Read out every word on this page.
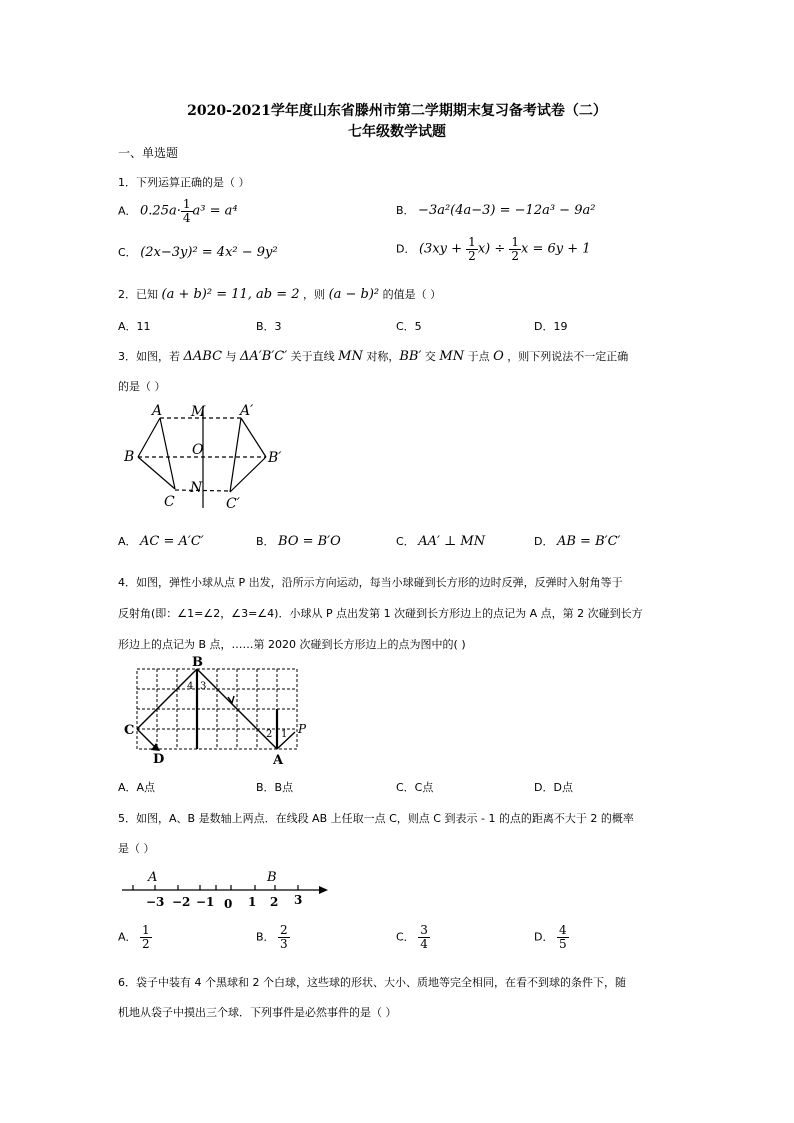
2020-2021学年度山东省滕州市第二学期期末复习备考试卷（二）
七年级数学试题
一、单选题
1．下列运算正确的是（ ）
A． $0.25a\cdot \frac{1}{4} a^3 = a^4$	B． −3a²(4a−3) = −12a³ − 9a²
C． (2x−3y)² = 4x² − 9y²	D． $(3xy + \frac{1}{2} x) \div \frac{1}{2}$ x = 6y + 1
2．已知 (a + b)² = 11, ab = 2 ，则 (a − b)² 的值是（ ）
A．11	B．3	C．5	D．19
3．如图，若 ΔABC 与 ΔA′B′C′ 关于直线 MN 对称，BB′ 交 MN 于点 O ，则下列说法不一定正确
的是（ ）
A M A′
B	O	B′
N
C	C′
A． AC = A′C′	B． BO = B′O	C． AA′ ⊥ MN	D． AB = B′C′
4．如图，弹性小球从点 P 出发，沿所示方向运动，每当小球碰到长方形的边时反弹，反弹时入射角等于
反射角(即：∠1=∠2，∠3=∠4)．小球从 P 点出发第 1 次碰到长方形边上的点记为 A 点，第 2 次碰到长方
形边上的点记为 B 点，……第 2020 次碰到长方形边上的点为图中的( )
B
C
D	A
P
4 3
2 1
A．A点	B．B点	C．C点	D．D点
5．如图，A、B 是数轴上两点．在线段 AB 上任取一点 C，则点 C 到表示 - 1 的点的距离不大于 2 的概率
是（ ）
A	B
−3 −2 −1 0 1 2 3
A． $\frac{1}{2}$	B． $\frac{2}{3}$	C． $\frac{3}{4}$	D． $\frac{4}{5}$
6．袋子中装有 4 个黑球和 2 个白球，这些球的形状、大小、质地等完全相同，在看不到球的条件下，随
机地从袋子中摸出三个球．下列事件是必然事件的是（ ）
